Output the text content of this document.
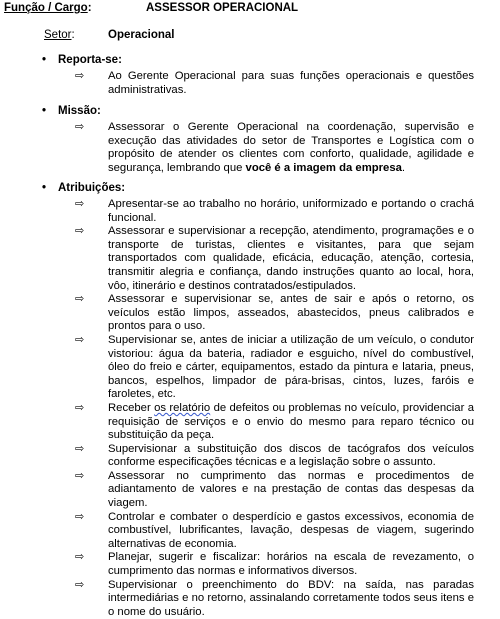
Função / Cargo:	ASSESSOR OPERACIONAL
Setor:	Operacional
• Reporta-se:
⇨ Ao Gerente Operacional para suas funções operacionais e questões administrativas.
• Missão:
⇨ Assessorar o Gerente Operacional na coordenação, supervisão e execução das atividades do setor de Transportes e Logística com o propósito de atender os clientes com conforto, qualidade, agilidade e segurança, lembrando que você é a imagem da empresa.
• Atribuições:
⇨ Apresentar-se ao trabalho no horário, uniformizado e portando o crachá funcional.
⇨ Assessorar e supervisionar a recepção, atendimento, programações e o transporte de turistas, clientes e visitantes, para que sejam transportados com qualidade, eficácia, educação, atenção, cortesia, transmitir alegria e confiança, dando instruções quanto ao local, hora, vôo, itinerário e destinos contratados/estipulados.
⇨ Assessorar e supervisionar se, antes de sair e após o retorno, os veículos estão limpos, asseados, abastecidos, pneus calibrados e prontos para o uso.
⇨ Supervisionar se, antes de iniciar a utilização de um veículo, o condutor vistoriou: água da bateria, radiador e esguicho, nível do combustível, óleo do freio e cárter, equipamentos, estado da pintura e lataria, pneus, bancos, espelhos, limpador de pára-brisas, cintos, luzes, faróis e faroletes, etc.
⇨ Receber os relatório de defeitos ou problemas no veículo, providenciar a requisição de serviços e o envio do mesmo para reparo técnico ou substituição da peça.
⇨ Supervisionar a substituição dos discos de tacógrafos dos veículos conforme especificações técnicas e a legislação sobre o assunto.
⇨ Assessorar no cumprimento das normas e procedimentos de adiantamento de valores e na prestação de contas das despesas da viagem.
⇨ Controlar e combater o desperdício e gastos excessivos, economia de combustível, lubrificantes, lavação, despesas de viagem, sugerindo alternativas de economia.
⇨ Planejar, sugerir e fiscalizar: horários na escala de revezamento, o cumprimento das normas e informativos diversos.
⇨ Supervisionar o preenchimento do BDV: na saída, nas paradas intermediárias e no retorno, assinalando corretamente todos seus itens e o nome do usuário.
